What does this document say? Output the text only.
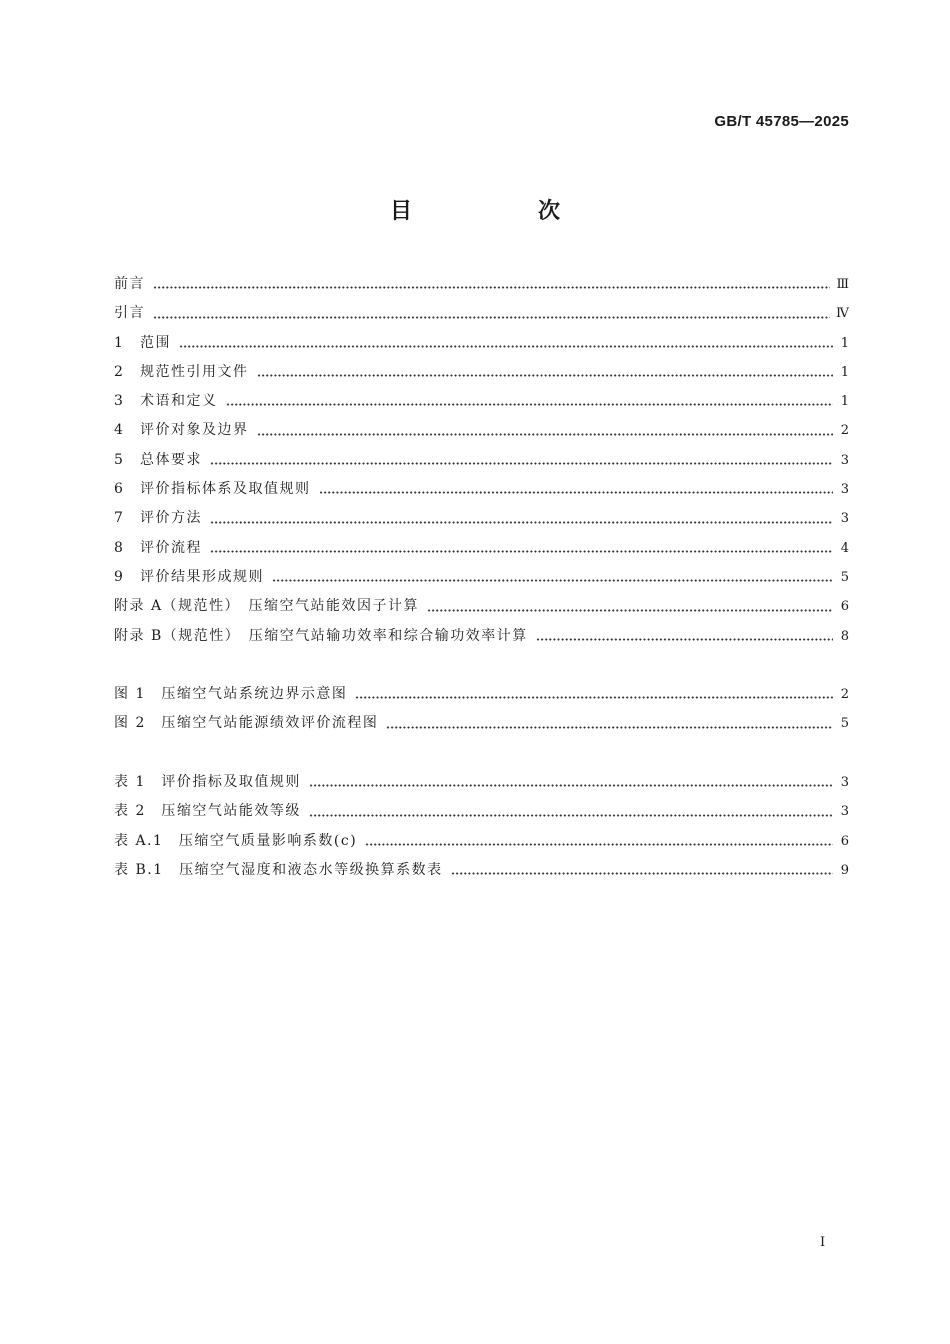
GB/T 45785—2025
目　次
前言	Ⅲ
引言	Ⅳ
1	范围	1
2	规范性引用文件	1
3	术语和定义	1
4	评价对象及边界	2
5	总体要求	3
6	评价指标体系及取值规则	3
7	评价方法	3
8	评价流程	4
9	评价结果形成规则	5
附录 A（规范性）　压缩空气站能效因子计算	6
附录 B（规范性）　压缩空气站输功效率和综合输功效率计算	8
图 1　压缩空气站系统边界示意图	2
图 2　压缩空气站能源绩效评价流程图	5
表 1　评价指标及取值规则	3
表 2　压缩空气站能效等级	3
表 A.1　压缩空气质量影响系数(c)	6
表 B.1　压缩空气湿度和液态水等级换算系数表	9
Ⅰ
